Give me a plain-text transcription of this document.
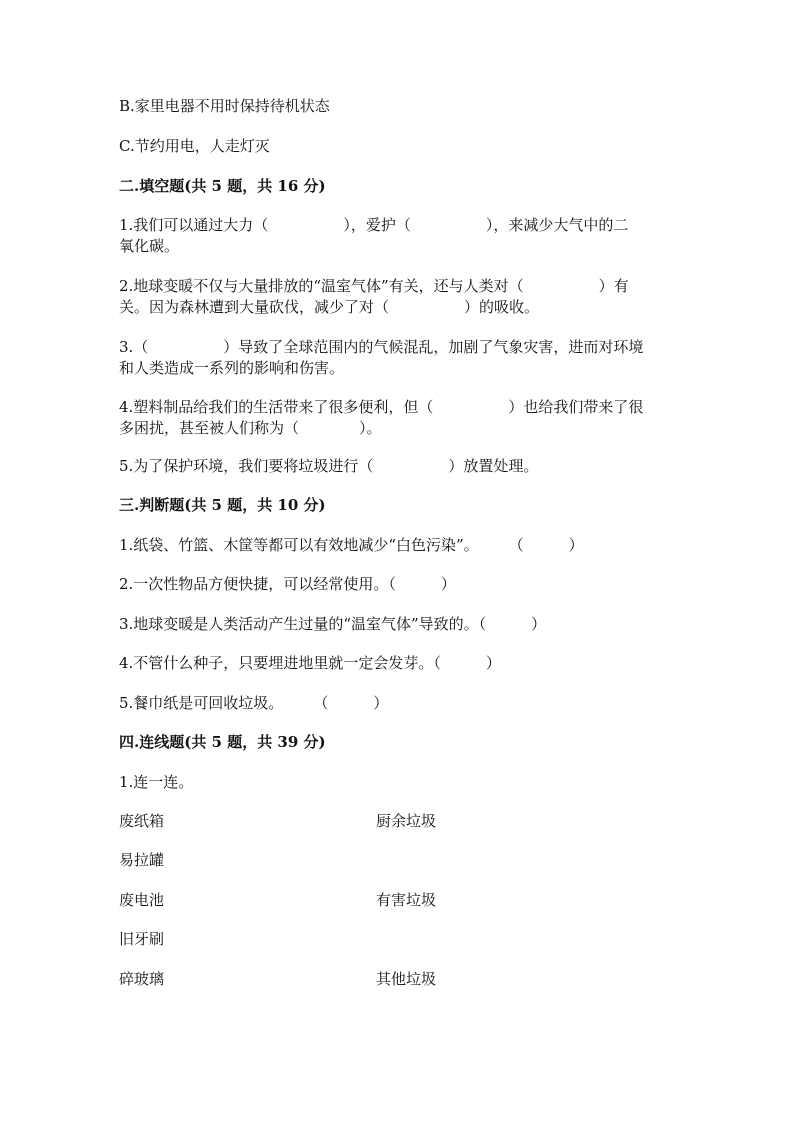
B.家里电器不用时保持待机状态
C.节约用电，人走灯灭
二.填空题(共 5 题，共 16 分)
1.我们可以通过大力（　　　　　），爱护（　　　　　），来减少大气中的二
氧化碳。
2.地球变暖不仅与大量排放的“温室气体”有关，还与人类对（　　　　　）有
关。因为森林遭到大量砍伐，减少了对（　　　　　）的吸收。
3.（　　　　　）导致了全球范围内的气候混乱，加剧了气象灾害，进而对环境
和人类造成一系列的影响和伤害。
4.塑料制品给我们的生活带来了很多便利，但（　　　　　）也给我们带来了很
多困扰，甚至被人们称为（　　　　）。
5.为了保护环境，我们要将垃圾进行（　　　　　）放置处理。
三.判断题(共 5 题，共 10 分)
1.纸袋、竹篮、木筐等都可以有效地减少“白色污染”。　　　（　　　）
2.一次性物品方便快捷，可以经常使用。（　　　）
3.地球变暖是人类活动产生过量的“温室气体”导致的。（　　　）
4.不管什么种子，只要埋进地里就一定会发芽。（　　　）
5.餐巾纸是可回收垃圾。　　　（　　　）
四.连线题(共 5 题，共 39 分)
1.连一连。
废纸箱	厨余垃圾
易拉罐
废电池	有害垃圾
旧牙刷
碎玻璃	其他垃圾
